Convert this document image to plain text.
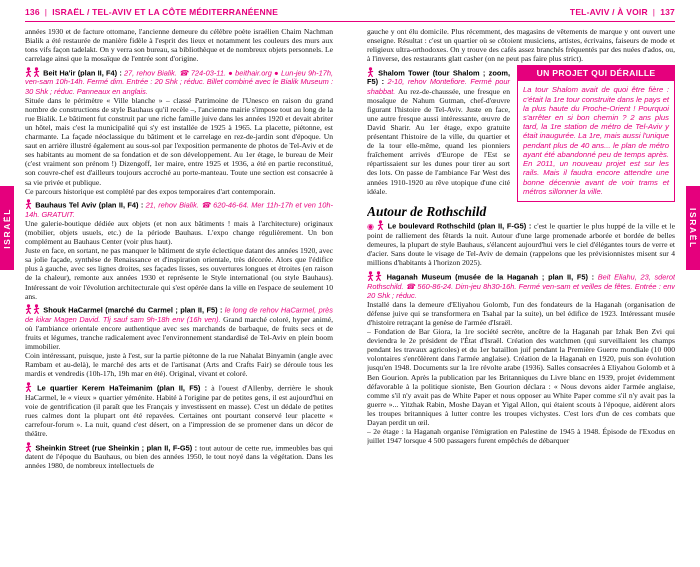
136 | ISRAËL / TEL-AVIV ET LA CÔTE MÉDITERRANÉENNE	TEL-AVIV / À VOIR | 137
ISRAËL	ISRAËL

années 1930 et de facture ottomane, l'ancienne demeure du célèbre poète israélien Chaim Nachman Bialik a été restaurée de manière fidèle à l'esprit des lieux et notamment les couleurs des murs aux tons vifs façon tadelakt. On y verra son bureau, sa bibliothèque et de nombreux objets personnels. Le carrelage ainsi que la mosaïque de l'entrée sont d'origine.

Beit Ha'ir (plan II, F4) : 27, rehov Bialik. ☎ 724-03-11. ● beithair.org ● Lun-jeu 9h-17h, ven-sam 10h-14h. Fermé dim. Entrée : 20 Shk ; réduc. Billet combiné avec le Bialik Museum : 30 Shk ; réduc. Panneaux en anglais.

Située dans le périmètre « Ville blanche » – classé Patrimoine de l'Unesco en raison du grand nombre de constructions de style Bauhaus qu'il recèle –, l'ancienne mairie s'impose tout au long de la rue Bialik. Le bâtiment fut construit par une riche famille juive dans les années 1920 et devait abriter un hôtel, mais c'est la municipalité qui s'y est installée de 1925 à 1965. La placette, piétonne, est charmante. La façade néoclassique du bâtiment et le carrelage en rez-de-jardin sont d'époque. Un saut en arrière illustré également au sous-sol par l'exposition permanente de photos de Tel-Aviv et de ses habitants au moment de sa fondation et de son développement. Au 1er étage, le bureau de Meir (c'est vraiment son prénom !) Dizengoff, 1er maire, entre 1925 et 1936, a été en partie reconstitué, son couvre-chef est d'ailleurs toujours accroché au porte-manteau. Toute une section est consacrée à sa vie privée et publique.

Ce parcours historique est complété par des expos temporaires d'art contemporain.

Bauhaus Tel Aviv (plan II, F4) : 21, rehov Bialik. ☎ 620-46-64. Mer 11h-17h et ven 10h-14h. GRATUIT.

Une galerie-boutique dédiée aux objets (et non aux bâtiments ! mais à l'architecture) originaux (mobilier, objets usuels, etc.) de la période Bauhaus. L'expo change régulièrement. Un bon complément au Bauhaus Center (voir plus haut).

Juste en face, en sortant, ne pas manquer le bâtiment de style éclectique datant des années 1920, avec sa jolie façade, synthèse de Renaissance et d'inspiration orientale, très décorée. Alors que l'édifice plus à gauche, avec ses lignes droites, ses façades lisses, ses ouvertures longues et étroites (en raison de la chaleur), remonte aux années 1930 et représente le Style international (ou style Bauhaus). Intéressant de voir l'évolution architecturale qui s'est opérée dans la ville en l'espace de seulement 10 ans.

Shouk HaCarmel (marché du Carmel ; plan II, F5) : le long de rehov HaCarmel, près de kikar Magen David. Tlj sauf sam 9h-18h env (16h ven). Grand marché coloré, hyper animé, où l'ambiance orientale encore authentique avec ses marchands de barbaque, de fruits secs et de fruits et légumes, tranche radicalement avec l'environnement standardisé de Tel-Aviv en plein boom immobilier.

Coin intéressant, puisque, juste à l'est, sur la partie piétonne de la rue Nahalat Binyamin (angle avec Rambam et au-delà), le marché des arts et de l'artisanat (Arts and Crafts Fair) se déroule tous les mardis et vendredis (10h-17h, 19h mar en été). Original, vivant et coloré.

Le quartier Kerem HaTeimanim (plan II, F5) : à l'ouest d'Allenby, derrière le shouk HaCarmel, le « vieux » quartier yéménite. Habité à l'origine par de petites gens, il est aujourd'hui en voie de gentrification (il paraît que les Français y investissent en masse). C'est un dédale de petites rues calmes dont la plupart ont été repavées. Certaines ont pourtant conservé leur placette « carrefour-forum ». La nuit, quand c'est désert, on a l'impression de se promener dans un décor de théâtre.

Sheinkin Street (rue Sheinkin ; plan II, F-G5) : tout autour de cette rue, immeubles bas qui datent de l'époque du Bauhaus, ou bien des années 1950, le tout noyé dans la végétation. Dans les années 1980, de nombreux intellectuels de

gauche y ont élu domicile. Plus récemment, des magasins de vêtements de marque y ont ouvert une enseigne. Résultat : c'est un quartier où se côtoient musiciens, artistes, écrivains, faiseurs de mode et religieux ultra-orthodoxes. On y trouve des cafés assez branchés fréquentés par des nuées d'ados, ou, à l'inverse, des restaurants glatt casher (on ne peut pas faire plus strict).

UN PROJET QUI DÉRAILLE

La tour Shalom avait de quoi être fière : c'était la 1re tour construite dans le pays et la plus haute du Proche-Orient ! Pourquoi s'arrêter en si bon chemin ? 2 ans plus tard, la 1re station de métro de Tel-Aviv y était inaugurée. La 1re, mais aussi l'unique pendant plus de 40 ans... le plan de métro ayant été abandonné peu de temps après. En 2011, un nouveau projet est sur les rails. Mais il faudra encore attendre une bonne décennie avant de voir trams et métros sillonner la ville.

Shalom Tower (tour Shalom ; zoom, F5) : 2-10, rehov Montefiore. Fermé pour shabbat. Au rez-de-chaussée, une fresque en mosaïque de Nahum Gutman, chef-d'œuvre figurant l'histoire de Tel-Aviv. Juste en face, une autre fresque aussi intéressante, œuvre de David Sharir. Au 1er étage, expo gratuite présentant l'histoire de la ville, du quartier et de la tour elle-même, quand les pionniers fraîchement arrivés d'Europe de l'Est se répartissaient sur les dunes pour tirer au sort des lots. On passe de l'ambiance Far West des années 1910-1920 au rêve utopique d'une cité idéale.

Autour de Rothschild

◉ Le boulevard Rothschild (plan II, F-G5) : c'est le quartier le plus huppé de la ville et le point de ralliement des fêtards la nuit. Autour d'une large promenade arborée et bordée de belles demeures, la plupart de style Bauhaus, s'élancent aujourd'hui vers le ciel d'élégantes tours de verre et d'acier. Sans doute le visage de Tel-Aviv de demain (rappelons que les prévisionnistes misent sur 4 millions d'habitants à l'horizon 2025).

Haganah Museum (musée de la Haganah ; plan II, F5) : Beit Eliahu, 23, sderot Rothschild. ☎ 560-86-24. Dim-jeu 8h30-16h. Fermé ven-sam et veilles de fêtes. Entrée : env 20 Shk ; réduc.

Installé dans la demeure d'Eliyahou Golomb, l'un des fondateurs de la Haganah (organisation de défense juive qui se transformera en Tsahal par la suite), un bel édifice de 1923. Intéressant musée d'histoire retraçant la genèse de l'armée d'Israël.

– Fondation de Bar Giora, la 1re société secrète, ancêtre de la Haganah par Izhak Ben Zvi qui deviendra le 2e président de l'État d'Israël. Création des watchmen (qui surveillaient les champs pendant les travaux agricoles) et du 1er bataillon juif pendant la Première Guerre mondiale (10 000 volontaires s'enrôlèrent dans l'armée anglaise). Création de la Haganah en 1920, puis son évolution jusqu'en 1948. Documents sur la 1re révolte arabe (1936). Salles consacrées à Eliyahou Golomb et à Ben Gourion. Après la publication par les Britanniques du Livre blanc en 1939, projet évidemment défavorable à la politique sioniste, Ben Gourion déclara : « Nous devons aider l'armée anglaise, comme s'il n'y avait pas de White Paper et nous opposer au White Paper comme s'il n'y avait pas la guerre »... Yitzhak Rabin, Moshe Dayan et Yigal Allon, qui étaient scouts à l'époque, aidèrent alors les troupes britanniques à lutter contre les troupes vichystes. C'est lors d'un de ces combats que Dayan perdit un œil.

– 2e étage : la Haganah organise l'émigration en Palestine de 1945 à 1948. Épisode de l'Exodus en juillet 1947 lorsque 4 500 passagers furent empêchés de débarquer
